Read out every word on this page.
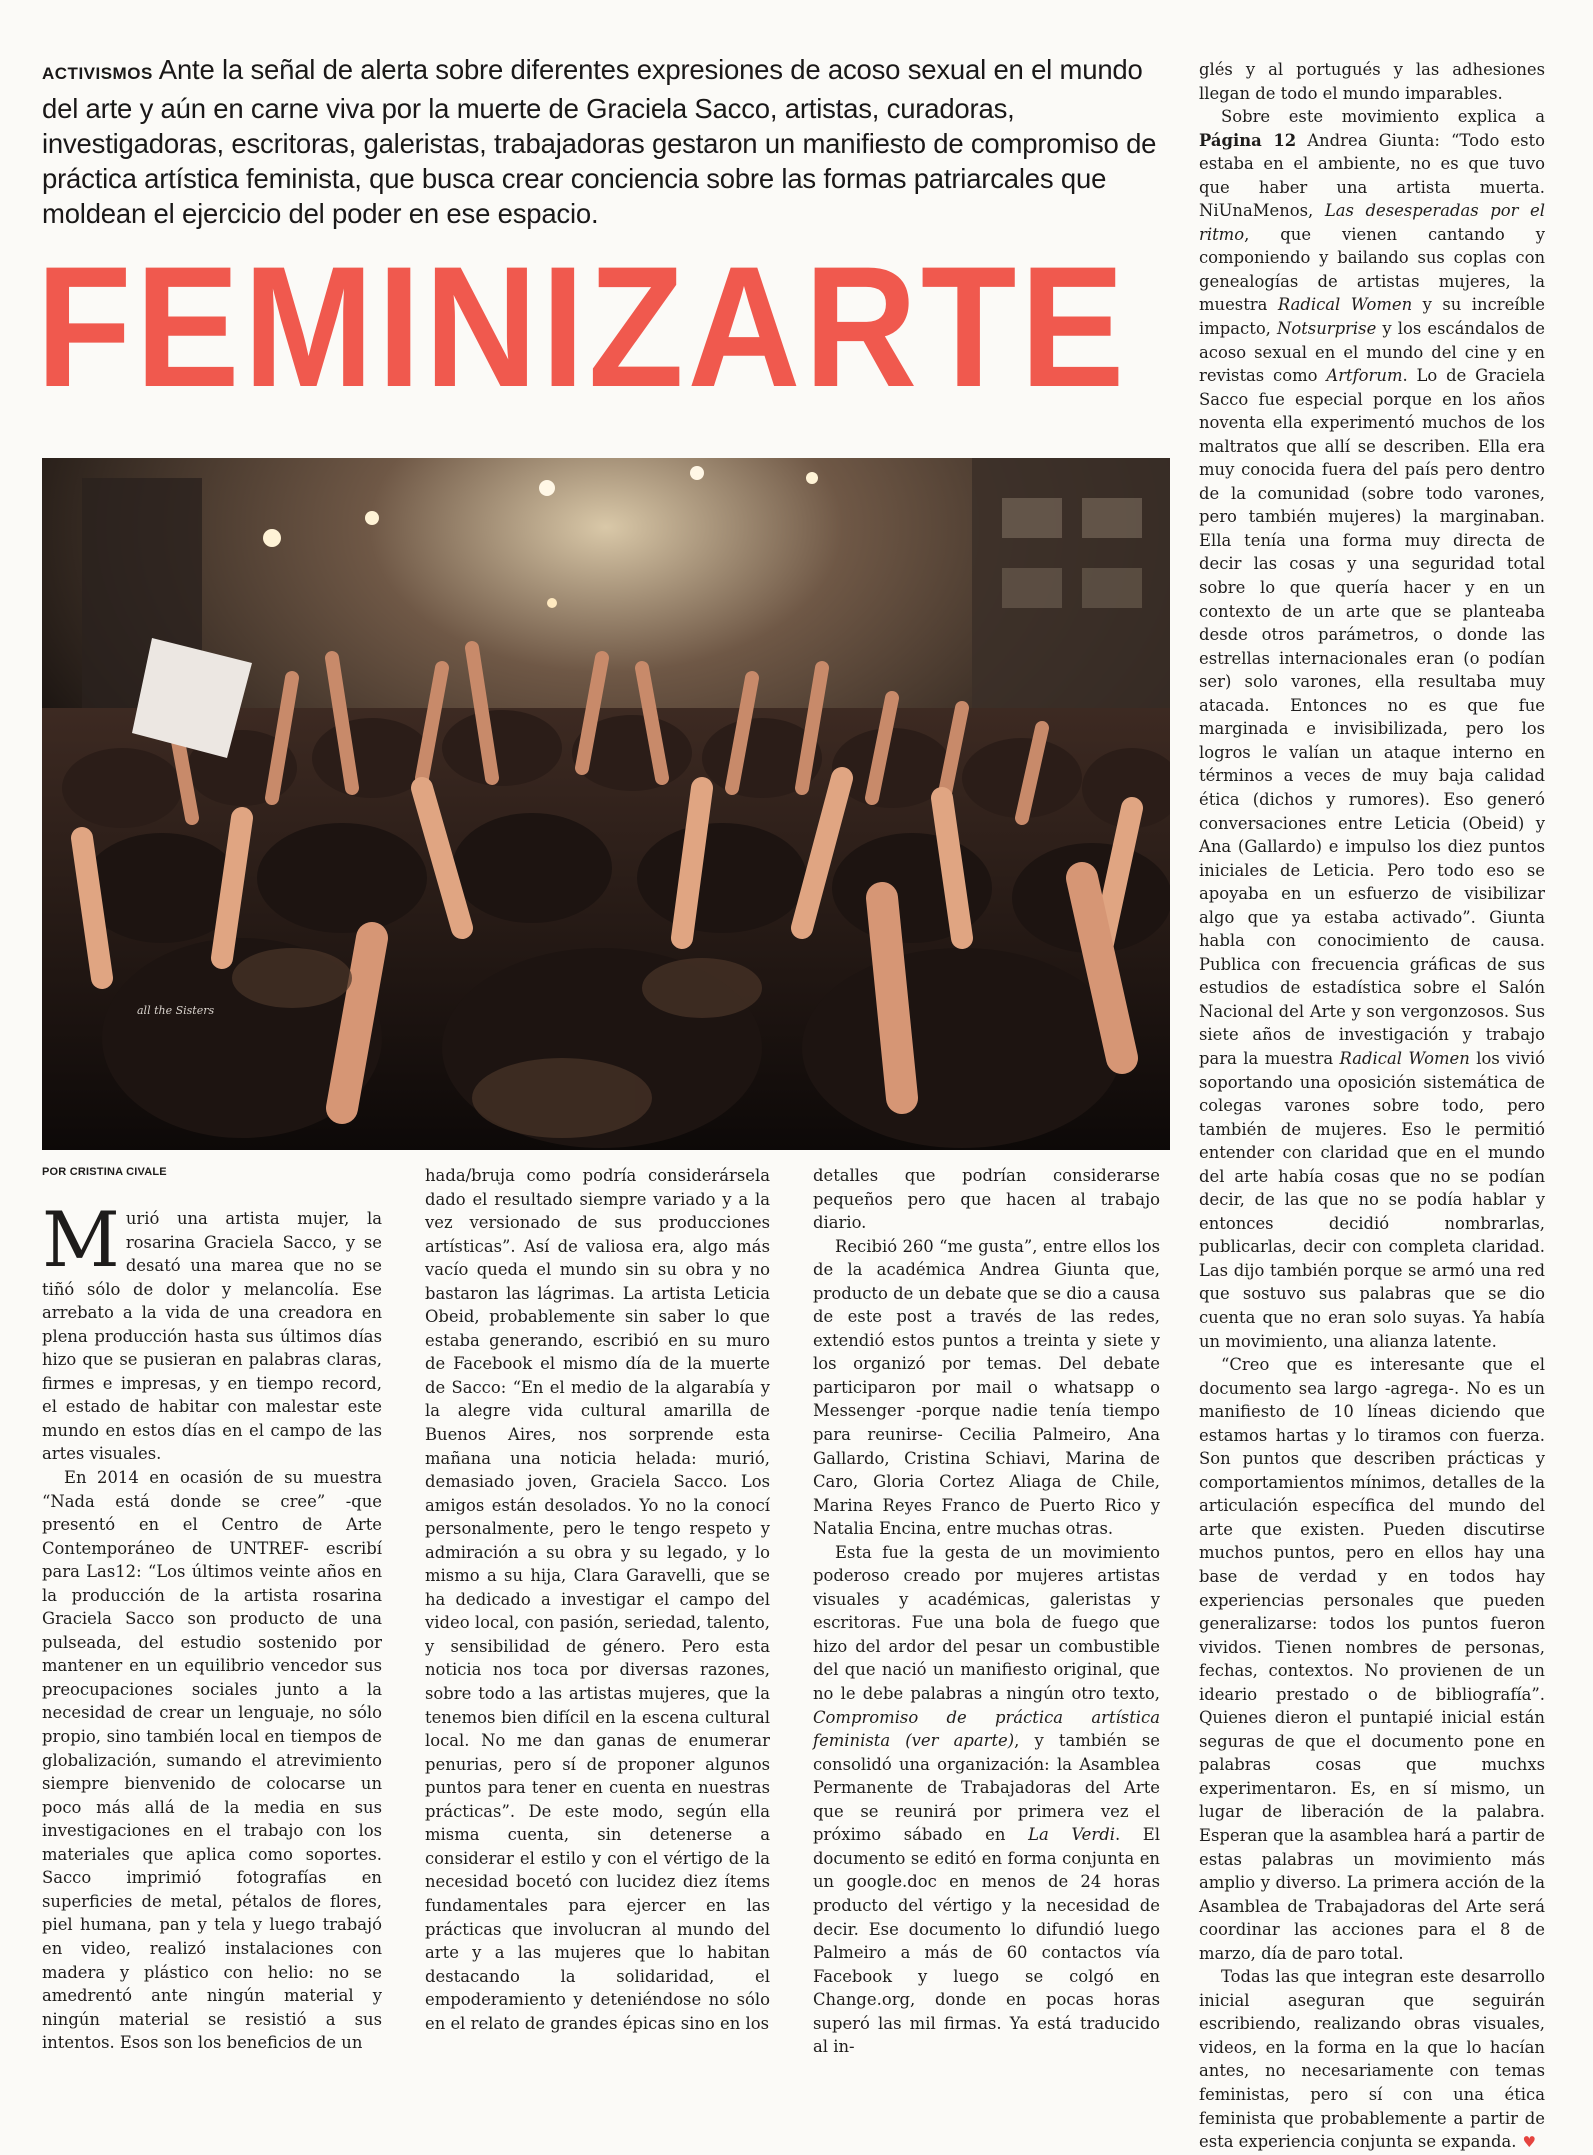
ACTIVISMOS Ante la señal de alerta sobre diferentes expresiones de acoso sexual en el mundo del arte y aún en carne viva por la muerte de Graciela Sacco, artistas, curadoras, investigadoras, escritoras, galeristas, trabajadoras gestaron un manifiesto de compromiso de práctica artística feminista, que busca crear conciencia sobre las formas patriarcales que moldean el ejercicio del poder en ese espacio.
FEMINIZARTE
all the Sisters
POR CRISTINA CIVALE

Murió una artista mujer, la rosarina Graciela Sacco, y se desató una marea que no se tiñó sólo de dolor y melancolía. Ese arrebato a la vida de una creadora en plena producción hasta sus últimos días hizo que se pusieran en palabras claras, firmes e impresas, y en tiempo record, el estado de habitar con malestar este mundo en estos días en el campo de las artes visuales.

En 2014 en ocasión de su muestra “Nada está donde se cree” -que presentó en el Centro de Arte Contemporáneo de UNTREF- escribí para Las12: “Los últimos veinte años en la producción de la artista rosarina Graciela Sacco son producto de una pulseada, del estudio sostenido por mantener en un equilibrio vencedor sus preocupaciones sociales junto a la necesidad de crear un lenguaje, no sólo propio, sino también local en tiempos de globalización, sumando el atrevimiento siempre bienvenido de colocarse un poco más allá de la media en sus investigaciones en el trabajo con los materiales que aplica como soportes. Sacco imprimió fotografías en superficies de metal, pétalos de flores, piel humana, pan y tela y luego trabajó en video, realizó instalaciones con madera y plástico con helio: no se amedrentó ante ningún material y ningún material se resistió a sus intentos. Esos son los beneficios de un

hada/bruja como podría considerársela dado el resultado siempre variado y a la vez versionado de sus producciones artísticas”. Así de valiosa era, algo más vacío queda el mundo sin su obra y no bastaron las lágrimas. La artista Leticia Obeid, probablemente sin saber lo que estaba generando, escribió en su muro de Facebook el mismo día de la muerte de Sacco: “En el medio de la algarabía y la alegre vida cultural amarilla de Buenos Aires, nos sorprende esta mañana una noticia helada: murió, demasiado joven, Graciela Sacco. Los amigos están desolados. Yo no la conocí personalmente, pero le tengo respeto y admiración a su obra y su legado, y lo mismo a su hija, Clara Garavelli, que se ha dedicado a investigar el campo del video local, con pasión, seriedad, talento, y sensibilidad de género. Pero esta noticia nos toca por diversas razones, sobre todo a las artistas mujeres, que la tenemos bien difícil en la escena cultural local. No me dan ganas de enumerar penurias, pero sí de proponer algunos puntos para tener en cuenta en nuestras prácticas”. De este modo, según ella misma cuenta, sin detenerse a considerar el estilo y con el vértigo de la necesidad bocetó con lucidez diez ítems fundamentales para ejercer en las prácticas que involucran al mundo del arte y a las mujeres que lo habitan destacando la solidaridad, el empoderamiento y deteniéndose no sólo en el relato de grandes épicas sino en los

detalles que podrían considerarse pequeños pero que hacen al trabajo diario.

Recibió 260 “me gusta”, entre ellos los de la académica Andrea Giunta que, producto de un debate que se dio a causa de este post a través de las redes, extendió estos puntos a treinta y siete y los organizó por temas. Del debate participaron por mail o whatsapp o Messenger -porque nadie tenía tiempo para reunirse- Cecilia Palmeiro, Ana Gallardo, Cristina Schiavi, Marina de Caro, Gloria Cortez Aliaga de Chile, Marina Reyes Franco de Puerto Rico y Natalia Encina, entre muchas otras.

Esta fue la gesta de un movimiento poderoso creado por mujeres artistas visuales y académicas, galeristas y escritoras. Fue una bola de fuego que hizo del ardor del pesar un combustible del que nació un manifiesto original, que no le debe palabras a ningún otro texto, Compromiso de práctica artística feminista (ver aparte), y también se consolidó una organización: la Asamblea Permanente de Trabajadoras del Arte que se reunirá por primera vez el próximo sábado en La Verdi. El documento se editó en forma conjunta en un google.doc en menos de 24 horas producto del vértigo y la necesidad de decir. Ese documento lo difundió luego Palmeiro a más de 60 contactos vía Facebook y luego se colgó en Change.org, donde en pocas horas superó las mil firmas. Ya está traducido al in-

glés y al portugués y las adhesiones llegan de todo el mundo imparables.

Sobre este movimiento explica a Página 12 Andrea Giunta: “Todo esto estaba en el ambiente, no es que tuvo que haber una artista muerta. NiUnaMenos, Las desesperadas por el ritmo, que vienen cantando y componiendo y bailando sus coplas con genealogías de artistas mujeres, la muestra Radical Women y su increíble impacto, Notsurprise y los escándalos de acoso sexual en el mundo del cine y en revistas como Artforum. Lo de Graciela Sacco fue especial porque en los años noventa ella experimentó muchos de los maltratos que allí se describen. Ella era muy conocida fuera del país pero dentro de la comunidad (sobre todo varones, pero también mujeres) la marginaban. Ella tenía una forma muy directa de decir las cosas y una seguridad total sobre lo que quería hacer y en un contexto de un arte que se planteaba desde otros parámetros, o donde las estrellas internacionales eran (o podían ser) solo varones, ella resultaba muy atacada. Entonces no es que fue marginada e invisibilizada, pero los logros le valían un ataque interno en términos a veces de muy baja calidad ética (dichos y rumores). Eso generó conversaciones entre Leticia (Obeid) y Ana (Gallardo) e impulso los diez puntos iniciales de Leticia. Pero todo eso se apoyaba en un esfuerzo de visibilizar algo que ya estaba activado”. Giunta habla con conocimiento de causa. Publica con frecuencia gráficas de sus estudios de estadística sobre el Salón Nacional del Arte y son vergonzosos. Sus siete años de investigación y trabajo para la muestra Radical Women los vivió soportando una oposición sistemática de colegas varones sobre todo, pero también de mujeres. Eso le permitió entender con claridad que en el mundo del arte había cosas que no se podían decir, de las que no se podía hablar y entonces decidió nombrarlas, publicarlas, decir con completa claridad. Las dijo también porque se armó una red que sostuvo sus palabras que se dio cuenta que no eran solo suyas. Ya había un movimiento, una alianza latente.

“Creo que es interesante que el documento sea largo -agrega-. No es un manifiesto de 10 líneas diciendo que estamos hartas y lo tiramos con fuerza. Son puntos que describen prácticas y comportamientos mínimos, detalles de la articulación específica del mundo del arte que existen. Pueden discutirse muchos puntos, pero en ellos hay una base de verdad y en todos hay experiencias personales que pueden generalizarse: todos los puntos fueron vividos. Tienen nombres de personas, fechas, contextos. No provienen de un ideario prestado o de bibliografía”. Quienes dieron el puntapié inicial están seguras de que el documento pone en palabras cosas que muchxs experimentaron. Es, en sí mismo, un lugar de liberación de la palabra. Esperan que la asamblea hará a partir de estas palabras un movimiento más amplio y diverso. La primera acción de la Asamblea de Trabajadoras del Arte será coordinar las acciones para el 8 de marzo, día de paro total.

Todas las que integran este desarrollo inicial aseguran que seguirán escribiendo, realizando obras visuales, videos, en la forma en la que lo hacían antes, no necesariamente con temas feministas, pero sí con una ética feminista que probablemente a partir de esta experiencia conjunta se expanda. ♥
